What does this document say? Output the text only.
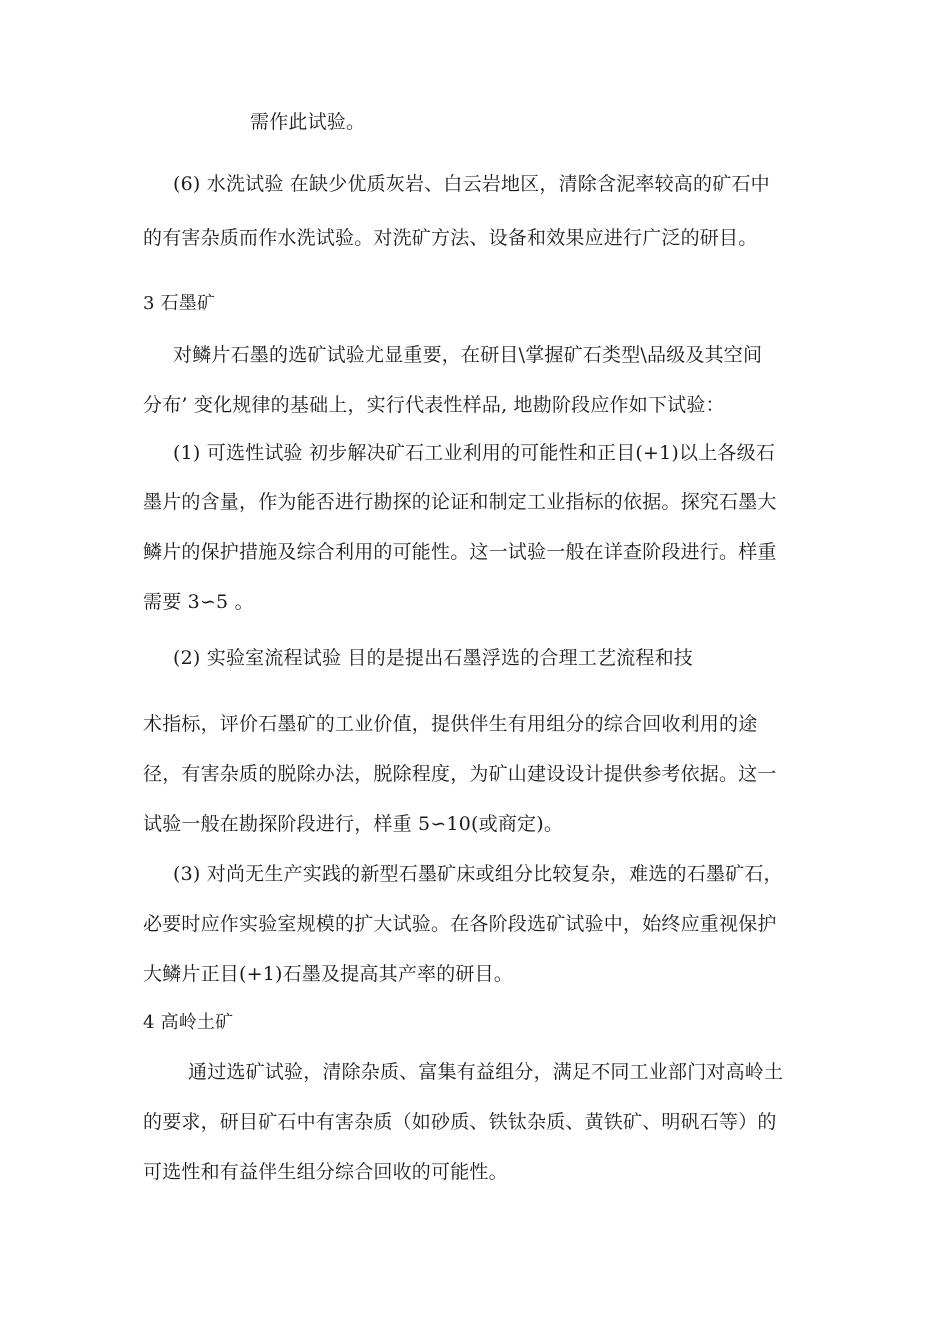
需作此试验。
(6) 水洗试验 在缺少优质灰岩、白云岩地区，清除含泥率较高的矿石中
的有害杂质而作水洗试验。对洗矿方法、设备和效果应进行广泛的研目。
3 石墨矿
对鳞片石墨的选矿试验尤显重要，在研目\掌握矿石类型\品级及其空间
分布’ 变化规律的基础上，实行代表性样品, 地勘阶段应作如下试验：
(1) 可选性试验 初步解决矿石工业利用的可能性和正目(+1)以上各级石
墨片的含量，作为能否进行勘探的论证和制定工业指标的依据。探究石墨大
鳞片的保护措施及综合利用的可能性。这一试验一般在详查阶段进行。样重
需要 3∽5 。
(2) 实验室流程试验 目的是提出石墨浮选的合理工艺流程和技
术指标，评价石墨矿的工业价值，提供伴生有用组分的综合回收利用的途
径，有害杂质的脱除办法，脱除程度，为矿山建设设计提供参考依据。这一
试验一般在勘探阶段进行，样重 5∽10(或商定)。
(3) 对尚无生产实践的新型石墨矿床或组分比较复杂，难选的石墨矿石，
必要时应作实验室规模的扩大试验。在各阶段选矿试验中，始终应重视保护
大鳞片正目(+1)石墨及提高其产率的研目。
4 高岭土矿
通过选矿试验，清除杂质、富集有益组分，满足不同工业部门对高岭土
的要求，研目矿石中有害杂质（如砂质、铁钛杂质、黄铁矿、明矾石等）的
可选性和有益伴生组分综合回收的可能性。
